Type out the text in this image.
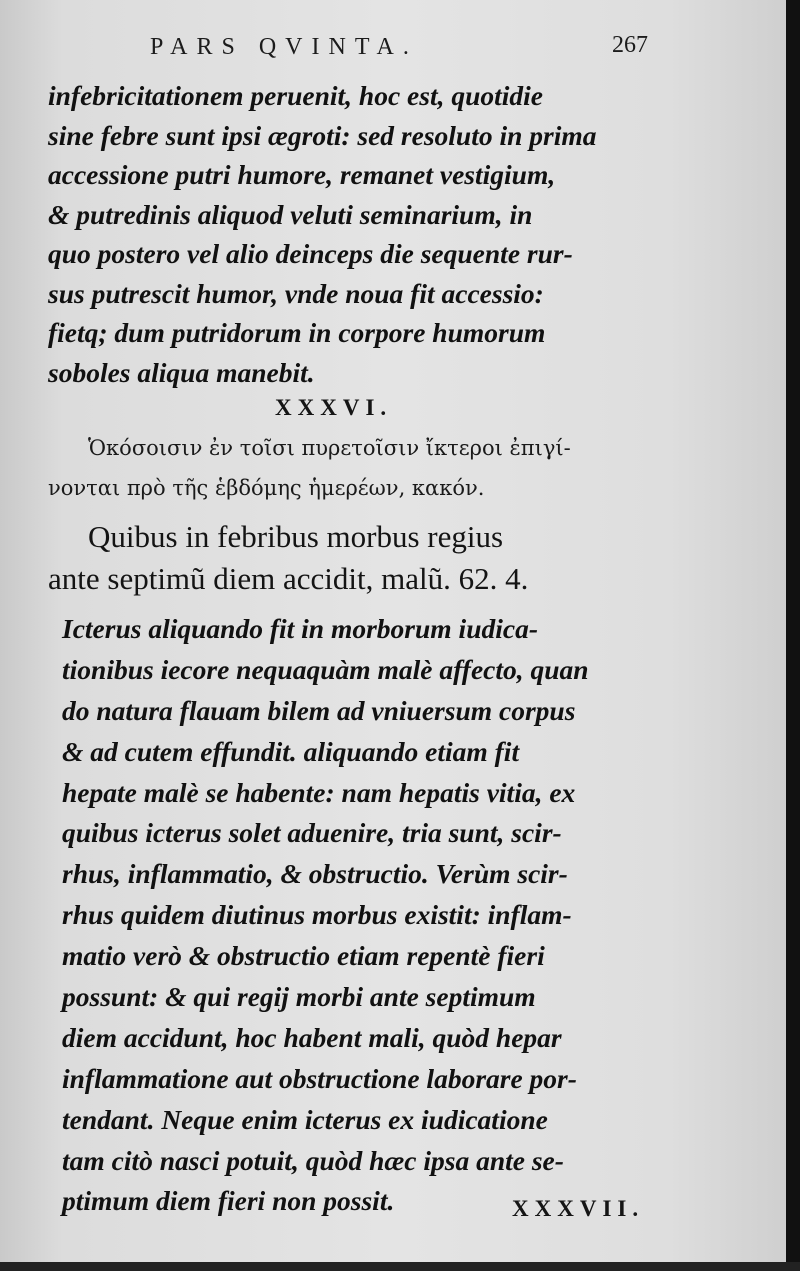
PARS QVINTA.	267
infebricitationem peruenit, hoc est, quotidie
sine febre sunt ipsi ægroti: sed resoluto in prima
accessione putri humore, remanet vestigium,
& putredinis aliquod veluti seminarium, in
quo postero vel alio deinceps die sequente rur-
sus putrescit humor, vnde noua fit accessio:
fietq; dum putridorum in corpore humorum
soboles aliqua manebit.
XXXVI.
Ὁκόσοισιν ἐν τοῖσι πυρετοῖσιν ἴκτεροι ἐπιγί-
νονται πρὸ τῆς ἑβδόμης ἡμερέων, κακόν.
Quibus in febribus morbus regius
ante septimũ diem accidit, malũ. 62. 4.
Icterus aliquando fit in morborum iudica-
tionibus iecore nequaquàm malè affecto, quan
do natura flauam bilem ad vniuersum corpus
& ad cutem effundit. aliquando etiam fit
hepate malè se habente: nam hepatis vitia, ex
quibus icterus solet aduenire, tria sunt, scir-
rhus, inflammatio, & obstructio. Verùm scir-
rhus quidem diutinus morbus existit: inflam-
matio verò & obstructio etiam repentè fieri
possunt: & qui regij morbi ante septimum
diem accidunt, hoc habent mali, quòd hepar
inflammatione aut obstructione laborare por-
tendant. Neque enim icterus ex iudicatione
tam citò nasci potuit, quòd hæc ipsa ante se-
ptimum diem fieri non possit.	XXXVII.
